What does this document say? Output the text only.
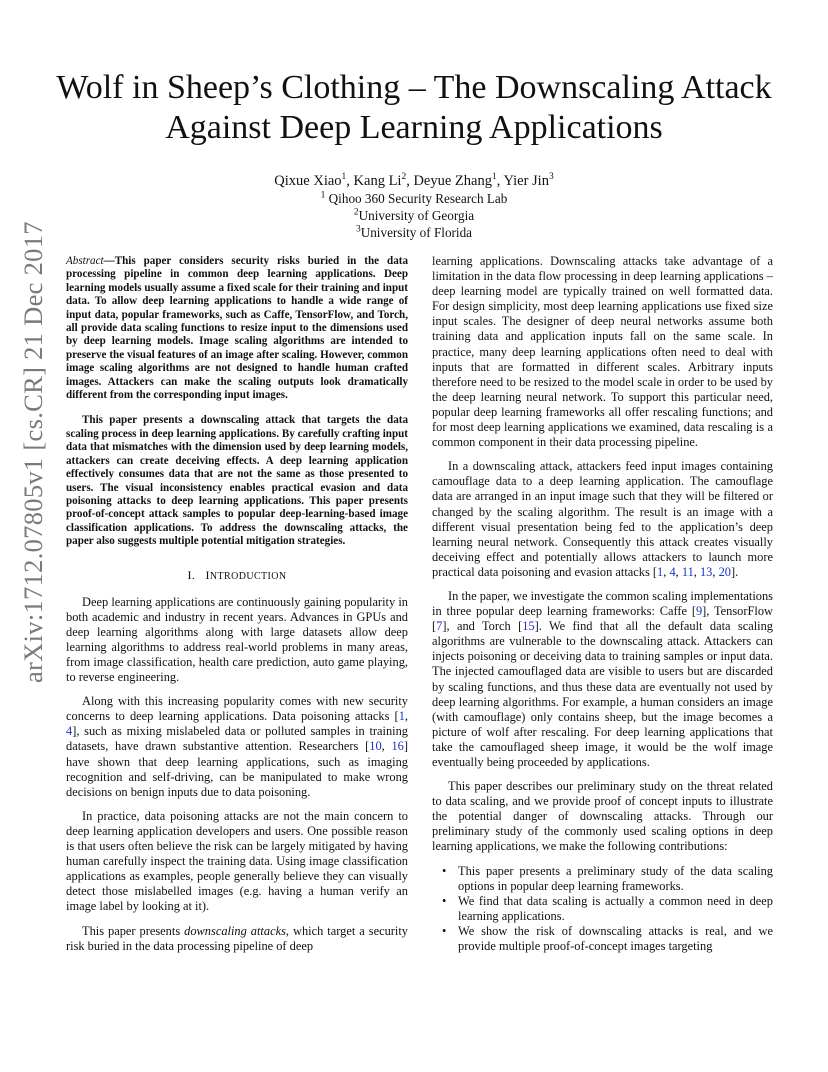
arXiv:1712.07805v1 [cs.CR] 21 Dec 2017
Wolf in Sheep’s Clothing – The Downscaling Attack
Against Deep Learning Applications
Qixue Xiao$^1$, Kang Li$^2$, Deyue Zhang$^1$, Yier Jin$^3$
$^1$ Qihoo 360 Security Research Lab
$^2$University of Georgia
$^3$University of Florida

Abstract—This paper considers security risks buried in the data processing pipeline in common deep learning applications. Deep learning models usually assume a fixed scale for their training and input data. To allow deep learning applications to handle a wide range of input data, popular frameworks, such as Caffe, TensorFlow, and Torch, all provide data scaling functions to resize input to the dimensions used by deep learning models. Image scaling algorithms are intended to preserve the visual features of an image after scaling. However, common image scaling algorithms are not designed to handle human crafted images. Attackers can make the scaling outputs look dramatically different from the corresponding input images.

This paper presents a downscaling attack that targets the data scaling process in deep learning applications. By carefully crafting input data that mismatches with the dimension used by deep learning models, attackers can create deceiving effects. A deep learning application effectively consumes data that are not the same as those presented to users. The visual inconsistency enables practical evasion and data poisoning attacks to deep learning applications. This paper presents proof-of-concept attack samples to popular deep-learning-based image classification applications. To address the downscaling attacks, the paper also suggests multiple potential mitigation strategies.

I. INTRODUCTION

Deep learning applications are continuously gaining popularity in both academic and industry in recent years. Advances in GPUs and deep learning algorithms along with large datasets allow deep learning algorithms to address real-world problems in many areas, from image classification, health care prediction, auto game playing, to reverse engineering.

Along with this increasing popularity comes with new security concerns to deep learning applications. Data poisoning attacks [1, 4], such as mixing mislabeled data or polluted samples in training datasets, have drawn substantive attention. Researchers [10, 16] have shown that deep learning applications, such as imaging recognition and self-driving, can be manipulated to make wrong decisions on benign inputs due to data poisoning.

In practice, data poisoning attacks are not the main concern to deep learning application developers and users. One possible reason is that users often believe the risk can be largely mitigated by having human carefully inspect the training data. Using image classification applications as examples, people generally believe they can visually detect those mislabelled images (e.g. having a human verify an image label by looking at it).

This paper presents downscaling attacks, which target a security risk buried in the data processing pipeline of deep

learning applications. Downscaling attacks take advantage of a limitation in the data flow processing in deep learning applications – deep learning model are typically trained on well formatted data. For design simplicity, most deep learning applications use fixed size input scales. The designer of deep neural networks assume both training data and application inputs fall on the same scale. In practice, many deep learning applications often need to deal with inputs that are formatted in different scales. Arbitrary inputs therefore need to be resized to the model scale in order to be used by the deep learning neural network. To support this particular need, popular deep learning frameworks all offer rescaling functions; and for most deep learning applications we examined, data rescaling is a common component in their data processing pipeline.

In a downscaling attack, attackers feed input images containing camouflage data to a deep learning application. The camouflage data are arranged in an input image such that they will be filtered or changed by the scaling algorithm. The result is an image with a different visual presentation being fed to the application’s deep learning neural network. Consequently this attack creates visually deceiving effect and potentially allows attackers to launch more practical data poisoning and evasion attacks [1, 4, 11, 13, 20].

In the paper, we investigate the common scaling implementations in three popular deep learning frameworks: Caffe [9], TensorFlow [7], and Torch [15]. We find that all the default data scaling algorithms are vulnerable to the downscaling attack. Attackers can injects poisoning or deceiving data to training samples or input data. The injected camouflaged data are visible to users but are discarded by scaling functions, and thus these data are eventually not used by deep learning algorithms. For example, a human considers an image (with camouflage) only contains sheep, but the image becomes a picture of wolf after rescaling. For deep learning applications that take the camouflaged sheep image, it would be the wolf image eventually being proceeded by applications.

This paper describes our preliminary study on the threat related to data scaling, and we provide proof of concept inputs to illustrate the potential danger of downscaling attacks. Through our preliminary study of the commonly used scaling options in deep learning applications, we make the following contributions:

• This paper presents a preliminary study of the data scaling options in popular deep learning frameworks.
• We find that data scaling is actually a common need in deep learning applications.
• We show the risk of downscaling attacks is real, and we provide multiple proof-of-concept images targeting
